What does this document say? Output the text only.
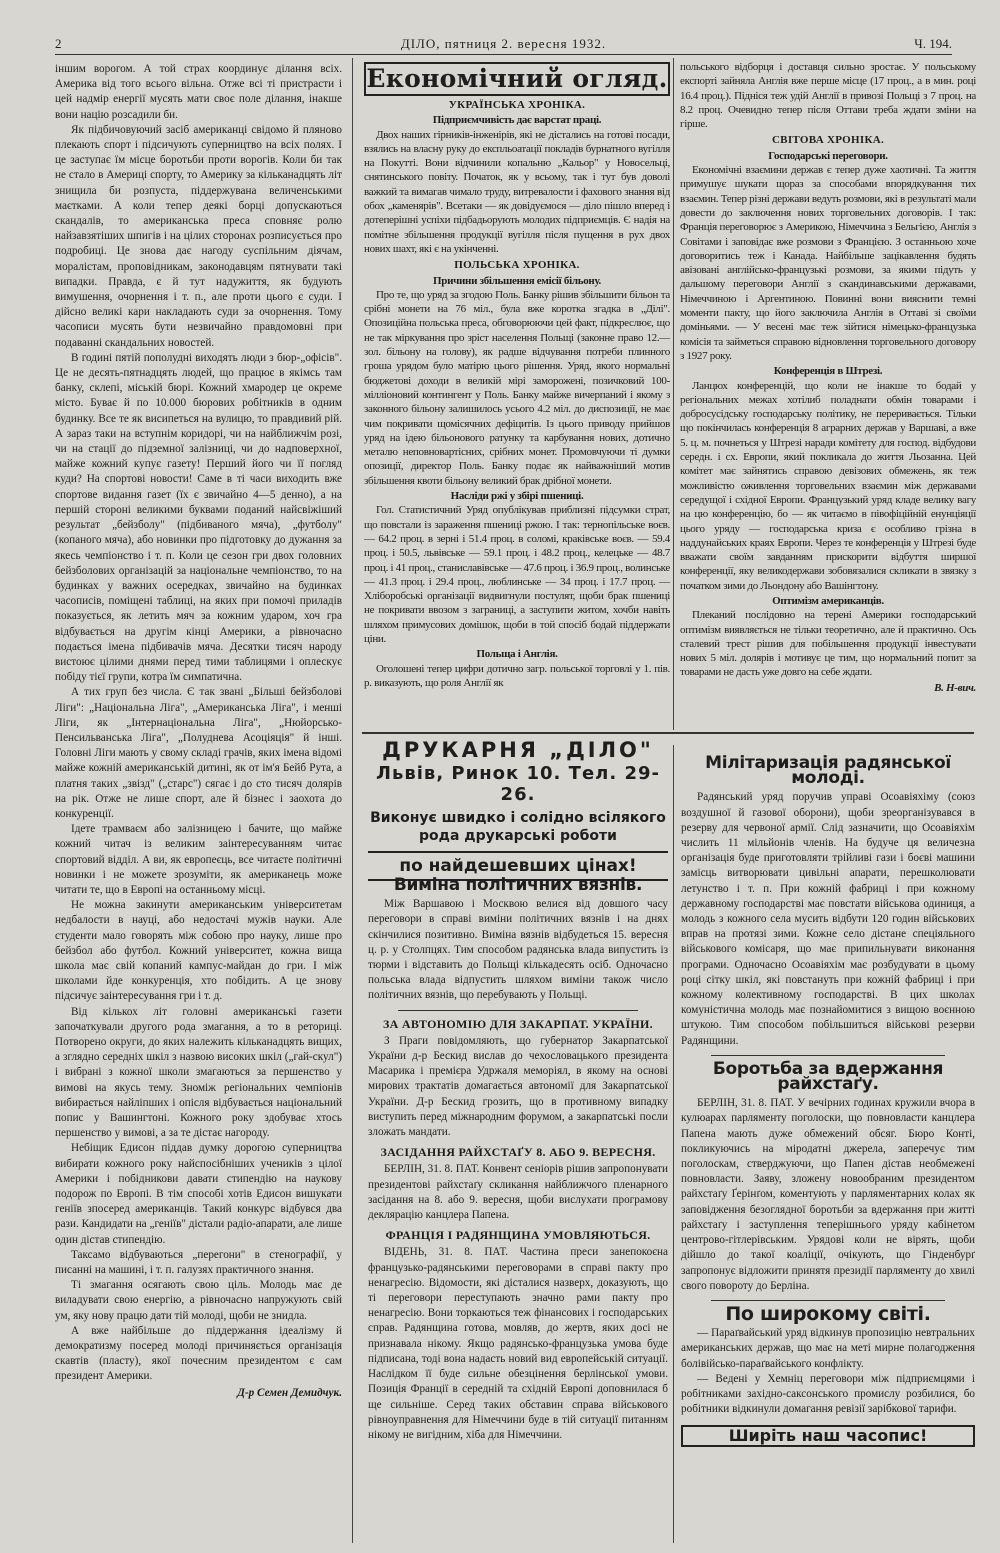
2	ДІЛО, пятниця 2. вересня 1932.	Ч. 194.

іншим ворогом. А той страх координує ділання всіх. Америка від того всього вільна. Отже всі ті пристрасти і цей надмір енергії мусять мати своє поле ділання, інакше вони націю розсадили би.

Як підбичовуючий засіб американці свідомо й пляново плекають спорт і підсичують суперництво на всіх полях. І це заступає їм місце боротьби проти ворогів. Коли би так не стало в Америці спорту, то Америку за кільканадцять літ знищила би розпуста, піддержувана величенськими маєтками. А коли тепер деякі борці допускаються скандалів, то американська преса сповняє ролю найзавзятіших шпигів і на цілих сторонах розписується про подробиці. Це знова дає нагоду суспільним діячам, моралістам, проповідникам, законодавцям пятнувати такі випадки. Правда, є й тут надужиття, як будують вимушення, очорнення і т. п., але проти цього є суди. І дійсно великі кари накладають суди за очорнення. Тому часописи мусять бути незвичайно правдомовні при подаванні скандальних новостей.

В годині пятій пополудні виходять люди з бюр-„офісів". Це не десять-пятнадцять людей, що працює в якімсь там банку, склепі, міській бюрі. Кожний хмародер це окреме місто. Буває й по 10.000 бюрових робітників в одним будинку. Все те як висипеться на вулицю, то правдивий рій. А зараз таки на вступнім коридорі, чи на найближчім розі, чи на стації до підземної залізниці, чи до надповерхної, майже кожний купує газету! Перший його чи її погляд куди? На спортові новости! Саме в ті часи виходить вже спортове видання газет (їх є звичайно 4—5 денно), а на першій стороні великими буквами поданий найсвіжіший результат „бейзболу" (підбиваного мяча), „футболу" (копаного мяча), або новинки про підготовку до дужання за якесь чемпіонство і т. п. Коли це сезон гри двох головних бейзболових організацій за національне чемпіонство, то на будинках у важних осередках, звичайно на будинках часописів, поміщені таблиці, на яких при помочі приладів показується, як летить мяч за кожним ударом, хоч гра відбувається на другім кінці Америки, а рівночасно подається імена підбивачів мяча. Десятки тисяч народу вистоює цілими днями перед тими таблицями і оплескує побіду тієї групи, котра їм симпатична.

А тих груп без числа. Є так звані „Більші бейзболові Ліги": „Національна Ліга", „Американська Ліга", і менші Ліги, як „Інтернаціональна Ліга", „Нюйорсько-Пенсильванська Ліга", „Полуднева Асоціяція" й інші. Головні Ліги мають у свому складі грачів, яких імена відомі майже кожній американській дитині, як от ім'я Бейб Рута, а платня таких „звізд" („старс") сягає і до сто тисяч долярів на рік. Отже не лише спорт, але й бізнес і заохота до конкуренції.

Ідете трамваєм або залізницею і бачите, що майже кожний читач із великим заінтересуванням читає спортовий відділ. А ви, як европеєць, все читаєте політичні новинки і не можете зрозуміти, як американець може читати те, що в Европі на останньому місці.

Не можна закинути американським університетам недбалости в науці, або недостачі мужів науки. Але студенти мало говорять між собою про науку, лише про бейзбол або футбол. Кожний університет, кожна вища школа має свій копаний кампус-майдан до гри. І між школами йде конкуренція, хто побідить. А це знову підсичує заінтересування гри і т. д.

Від кількох літ головні американські газети започаткували другого рода змагання, а то в реториці. Потворено округи, до яких належить кільканадцять вищих, а зглядно середніх шкіл з назвою високих шкіл („гай-скул") і вибрані з кожної школи змагаються за першенство у вимові на якусь тему. Зноміж регіональних чемпіонів вибирається найліпших і опісля відбувається національний попис у Вашингтоні. Кожного року здобуває хтось першенство у вимові, а за те дістає нагороду.

Небіщик Едисон піддав думку дорогою суперництва вибирати кожного року найспосібніших учеників з цілої Америки і побідникови давати стипендію на наукову подорож по Европі. В тім способі хотів Едисон вишукати геніїв зпосеред американців. Такий конкурс відбувся два рази. Кандидати на „геніїв" дістали радіо-апарати, але лише один дістав стипендію.

Таксамо відбуваються „перегони" в стенографії, у писанні на машині, і т. п. галузях практичного знання.

Ті змагання осягають свою ціль. Молодь має де виладувати свою енергію, а рівночасно напружують свій ум, яку нову працю дати тій молоді, щоби не знидла.

А вже найбільше до піддержання ідеалізму й демократизму посеред молоді причиняється організація скавтів (пласту), якої почесним президентом є сам президент Америки.

Д-р Семен Демидчук.
Економічний огляд.
УКРАЇНСЬКА ХРОНІКА.
Підприємчивість дає варстат праці.

Двох наших гірників-інженірів, які не дістались на готові посади, взялись на власну руку до експльоатації покладів бурнатного вугілля на Покутті. Вони відчинили копальню „Кальор" у Новосельці, снятинського повіту. Початок, як у всьому, так і тут був доволі важкий та вимагав чимало труду, витревалости і фахового знання від обох „каменярів". Всетаки — як довідуємося — діло пішло вперед і дотеперішні успіхи підбадьорують молодих підприємців. Є надія на помітне збільшення продукції вугілля після пущення в рух двох нових шахт, які є на укінченні.

ПОЛЬСЬКА ХРОНІКА.
Причини збільшення емісії більону.

Про те, що уряд за згодою Поль. Банку рішив збільшити більон та срібні монети на 76 міл., була вже коротка згадка в „Ділі". Опозиційна польська преса, обговорюючи цей факт, підкреслює, що не так міркування про зріст населення Польщі (законне право 12.— зол. більону на голову), як радше відчування потреби плинного гроша урядом було матірю цього рішення. Уряд, якого нормальні бюджетові доходи в великій мірі заморожені, позичковий 100-мілліоновий контингент у Поль. Банку майже вичерпаний і якому з законного більону залишилось усього 4.2 міл. до диспозиції, не має чим покривати щомісячних дефіцитів. Із цього приводу прийшов уряд на ідею більонового ратунку та карбування нових, дотично металю неповновартісних, срібних монет. Промовчуючи ті думки опозиції, директор Поль. Банку подає як найважніший мотив збільшення квоти більону великий брак дрібної монети.

Насліди ржі у збірі пшениці.

Гол. Статистичний Уряд опублікував приблизні підсумки страт, що повстали із зараження пшениці ржою. І так: тернопільське воєв. — 64.2 проц. в зерні і 51.4 проц. в соломі, краківське воєв. — 59.4 проц. і 50.5, львівське — 59.1 проц. і 48.2 проц., келецьке — 48.7 проц. і 41 проц., станиславівське — 47.6 проц. і 36.9 проц., волинське — 41.3 проц. і 29.4 проц., люблинське — 34 проц. і 17.7 проц. — Хліборобські організації видвигнули постулят, щоби брак пшениці не покривати ввозом з заграниці, а заступити житом, хочби навіть шляхом примусових домішок, щоби в той спосіб бодай піддержати ціни.

Польща і Англія.

Оголошені тепер цифри дотично загр. польської торговлі у 1. пів. р. виказують, що роля Англії як

польського відборця і доставця сильно зростає. У польському експорті зайняла Англія вже перше місце (17 проц., а в мин. році 16.4 проц.). Підніся теж удій Англії в привозі Польщі з 7 проц. на 8.2 проц. Очевидно тепер після Оттави треба ждати зміни на гірше.

СВІТОВА ХРОНІКА.
Господарські переговори.

Економічні взаємини держав є тепер дуже хаотичні. Та життя примушує шукати щораз за способами впорядкування тих взаємин. Тепер різні держави ведуть розмови, які в результаті мали довести до заключення нових торговельних договорів. І так: Франція переговорює з Америкою, Німеччина з Бельгією, Англія з Совітами і заповідає вже розмови з Францією. З останньою хоче договоритись теж і Канада. Найбільше зацікавлення будять авізовані англійсько-французькі розмови, за якими підуть у дальшому переговори Англії з скандинавськими державами, Німеччиною і Аргентиною. Повинні вони вияснити темні моменти пакту, що його заключила Англія в Оттаві зі своїми доміньями. — У весені має теж зійтися німецько-французька комісія та займеться справою відновлення торговельного договору з 1927 року.

Конференція в Штрезі.

Ланцюх конференцій, що коли не інакше то бодай у регіональних межах хотілиб поладнати обмін товарами і добросусідську господарську політику, не переривається. Тільки що покінчилась конференція 8 аграрних держав у Варшаві, а вже 5. ц. м. почнеться у Штрезі наради комітету для господ. відбудови середн. і сх. Европи, який покликала до життя Льозанна. Цей комітет має зайнятись справою девізових обмежень, як теж можливістю оживлення торговельних взаємин між державами середущої і східної Европи. Французький уряд кладе велику вагу на цю конференцію, бо — як читаємо в півофіційній енунціяції цього уряду — господарська криза є особливо грізна в наддунайських краях Европи. Через те конференція у Штрезі буде вважати своїм завданням прискорити відбуття ширшої конференції, яку великодержави зобовязалися скликати в звязку з початком зими до Льондону або Вашінгтону.

Оптимізм американців.

Плеканий послідовно на терені Америки господарський оптимізм виявляється не тільки теоретично, але й практично. Ось сталевий трест рішив для побільшення продукції інвестувати нових 5 міл. долярів і мотивує це тим, що нормальний попит за товарами не дасть уже довго на себе ждати.

В. Н-вич.
ДРУКАРНЯ „ДІЛО"
Львів, Ринок 10. Тел. 29-26.
Виконує швидко і солідно всілякого рода друкарські роботи
по найдешевших цінах!
Виміна політичних вязнів.

Між Варшавою і Москвою велися від довшого часу переговори в справі виміни політичних вязнів і на днях скінчилися позитивно. Виміна вязнів відбудеться 15. вересня ц. р. у Столпцях. Тим способом радянська влада випустить із тюрми і відставить до Польщі кількадесять осіб. Одночасно польська влада відпустить шляхом виміни також число політичних вязнів, що перебувають у Польщі.

ЗА АВТОНОМІЮ ДЛЯ ЗАКАРПАТ. УКРАЇНИ.

З Праги повідомляють, що губернатор Закарпатської України д-р Бескид вислав до чехословацького президента Масарика і премієра Удржаля меморіял, в якому на основі мирових трактатів домагається автономії для Закарпатської України. Д-р Бескид грозить, що в противному випадку виступить перед міжнародним форумом, а закарпатські посли зложать мандати.

ЗАСІДАННЯ РАЙХСТАҐУ 8. АБО 9. ВЕРЕСНЯ.

БЕРЛІН, 31. 8. ПАТ. Конвент сеніорів рішив запропонувати президентові райхстаґу скликання найближчого пленарного засідання на 8. або 9. вересня, щоби вислухати програмову деклярацію канцлера Папена.

ФРАНЦІЯ І РАДЯНЩИНА УМОВЛЯЮТЬСЯ.

ВІДЕНЬ, 31. 8. ПАТ. Частина преси занепокоєна французько-радянськими переговорами в справі пакту про ненагресію. Відомости, які дісталися назверх, доказують, що ті переговори переступають значно рами пакту про ненагресію. Вони торкаються теж фінансових і господарських справ. Радянщина готова, мовляв, до жертв, яких досі не признавала нікому. Якщо радянсько-французька умова буде підписана, тоді вона надасть новий вид европейській ситуації. Наслідком її буде сильне обезцінення берлінської умови. Позиція Франції в середній та східній Европі доповнилася б ще сильніше. Серед таких обставин справа військового рівноуправнення для Німеччини буде в тій ситуації питанням нікому не вигідним, хіба для Німеччини.

Мілітаризація радянської молоді.

Радянський уряд поручив управі Осоавіяхіму (союз воздушної й газової оборони), щоби зреорганізувався в резерву для червоної армії. Слід зазначити, що Осоавіяхім числить 11 мільйонів членів. На будуче ця величезна організація буде приготовляти трійливі гази і боєві машини замісць витворювати цивільні апарати, перешколювати летунство і т. п. При кожній фабриці і при кожному державному господарстві має повстати військова одиниця, а молодь з кожного села мусить відбути 120 годин військових вправ на протязі зими. Кожне село дістане спеціяльного військового комісаря, що має припильнувати виконання програми. Одночасно Осоавіяхім має розбудувати в цьому році сітку шкіл, які повстануть при кожній фабриці і при кожному колективному господарстві. В цих школах комуністична молодь має познайомитися з вищою воєнною штукою. Тим способом побільшиться військові резерви Радянщини.

Боротьба за вдержання райхстаґу.

БЕРЛІН, 31. 8. ПАТ. У вечірних годинах кружили вчора в кулюарах парляменту поголоски, що повновласти канцлера Папена мають дуже обмежений обсяг. Бюро Конті, покликуючись на міродатні джерела, заперечує тим поголоскам, стверджуючи, що Папен дістав необмежені повновласти. Заяву, зложену новообраним президентом райхстаґу Ґерінґом, коментують у парляментарних колах як заповідження безоглядної боротьби за вдержання при житті райхстаґу і заступлення теперішнього уряду кабінетом центрово-гітлерівським. Урядові коли не вірять, щоби дійшло до такої коаліції, очікують, що Гінденбурґ запропонує відложити принятя президії парляменту до хвилі свого повороту до Берліна.

По широкому світі.

— Параґвайський уряд відкинув пропозицію невтральних американських держав, що має на меті мирне полагодження болівійсько-параґвайського конфлікту.

— Ведені у Хемніц переговори між підприємцями і робітниками західно-саксонського промислу розбилися, бо робітники відкинули домагання ревізії зарібкової тарифи.

Ширіть наш часопис!
